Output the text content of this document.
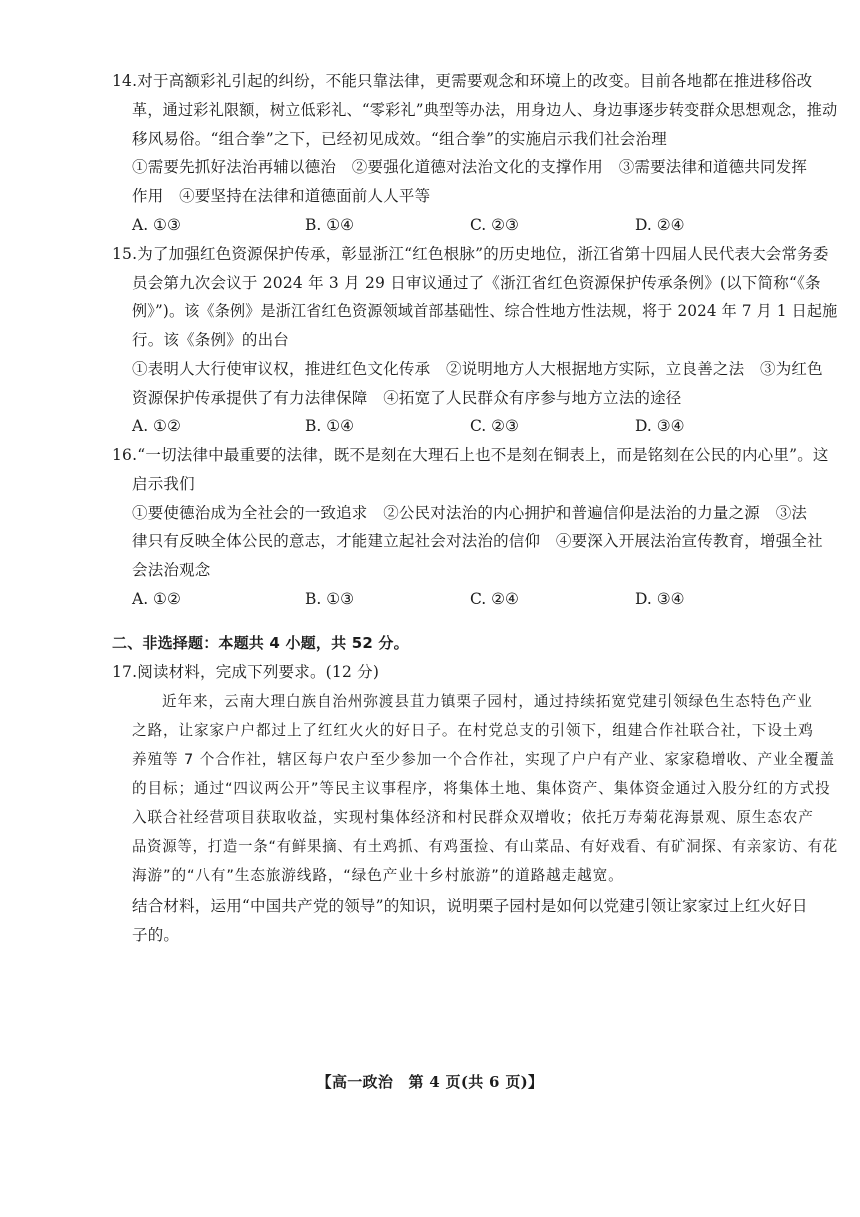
14.对于高额彩礼引起的纠纷，不能只靠法律，更需要观念和环境上的改变。目前各地都在推进移俗改
革，通过彩礼限额，树立低彩礼、“零彩礼”典型等办法，用身边人、身边事逐步转变群众思想观念，推动
移风易俗。“组合拳”之下，已经初见成效。“组合拳”的实施启示我们社会治理
①需要先抓好法治再辅以德治　②要强化道德对法治文化的支撑作用　③需要法律和道德共同发挥
作用　④要坚持在法律和道德面前人人平等
A. ①③	B. ①④	C. ②③	D. ②④
15.为了加强红色资源保护传承，彰显浙江“红色根脉”的历史地位，浙江省第十四届人民代表大会常务委
员会第九次会议于 2024 年 3 月 29 日审议通过了《浙江省红色资源保护传承条例》(以下简称“《条
例》”)。该《条例》是浙江省红色资源领域首部基础性、综合性地方性法规，将于 2024 年 7 月 1 日起施
行。该《条例》的出台
①表明人大行使审议权，推进红色文化传承　②说明地方人大根据地方实际，立良善之法　③为红色
资源保护传承提供了有力法律保障　④拓宽了人民群众有序参与地方立法的途径
A. ①②	B. ①④	C. ②③	D. ③④
16.“一切法律中最重要的法律，既不是刻在大理石上也不是刻在铜表上，而是铭刻在公民的内心里”。这
启示我们
①要使德治成为全社会的一致追求　②公民对法治的内心拥护和普遍信仰是法治的力量之源　③法
律只有反映全体公民的意志，才能建立起社会对法治的信仰　④要深入开展法治宣传教育，增强全社
会法治观念
A. ①②	B. ①③	C. ②④	D. ③④
二、非选择题：本题共 4 小题，共 52 分。
17.阅读材料，完成下列要求。(12 分)
近年来，云南大理白族自治州弥渡县苴力镇栗子园村，通过持续拓宽党建引领绿色生态特色产业
之路，让家家户户都过上了红红火火的好日子。在村党总支的引领下，组建合作社联合社，下设土鸡
养殖等 7 个合作社，辖区每户农户至少参加一个合作社，实现了户户有产业、家家稳增收、产业全覆盖
的目标；通过“四议两公开”等民主议事程序，将集体土地、集体资产、集体资金通过入股分红的方式投
入联合社经营项目获取收益，实现村集体经济和村民群众双增收；依托万寿菊花海景观、原生态农产
品资源等，打造一条“有鲜果摘、有土鸡抓、有鸡蛋捡、有山菜品、有好戏看、有矿洞探、有亲家访、有花
海游”的“八有”生态旅游线路，“绿色产业十乡村旅游”的道路越走越宽。
结合材料，运用“中国共产党的领导”的知识，说明栗子园村是如何以党建引领让家家过上红火好日
子的。
【高一政治　第 4 页(共 6 页)】
